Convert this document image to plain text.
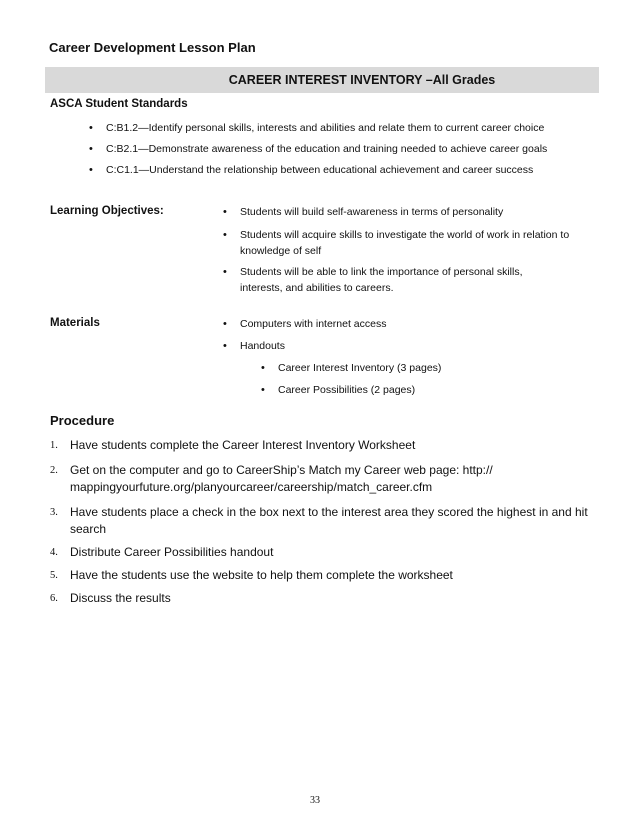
Career Development Lesson Plan
CAREER INTEREST INVENTORY –All Grades
ASCA Student Standards
• C:B1.2—Identify personal skills, interests and abilities and relate them to current career choice
• C:B2.1—Demonstrate awareness of the education and training needed to achieve career goals
• C:C1.1—Understand the relationship between educational achievement and career success
Learning Objectives:	• Students will build self-awareness in terms of personality
• Students will acquire skills to investigate the world of work in relation to
knowledge of self
• Students will be able to link the importance of personal skills,
interests, and abilities to careers.
Materials	• Computers with internet access
• Handouts
• Career Interest Inventory (3 pages)
• Career Possibilities (2 pages)
Procedure
1. Have students complete the Career Interest Inventory Worksheet
2. Get on the computer and go to CareerShip’s Match my Career web page: http://
mappingyourfuture.org/planyourcareer/careership/match_career.cfm
3. Have students place a check in the box next to the interest area they scored the highest in and hit
search
4. Distribute Career Possibilities handout
5. Have the students use the website to help them complete the worksheet
6. Discuss the results
33
